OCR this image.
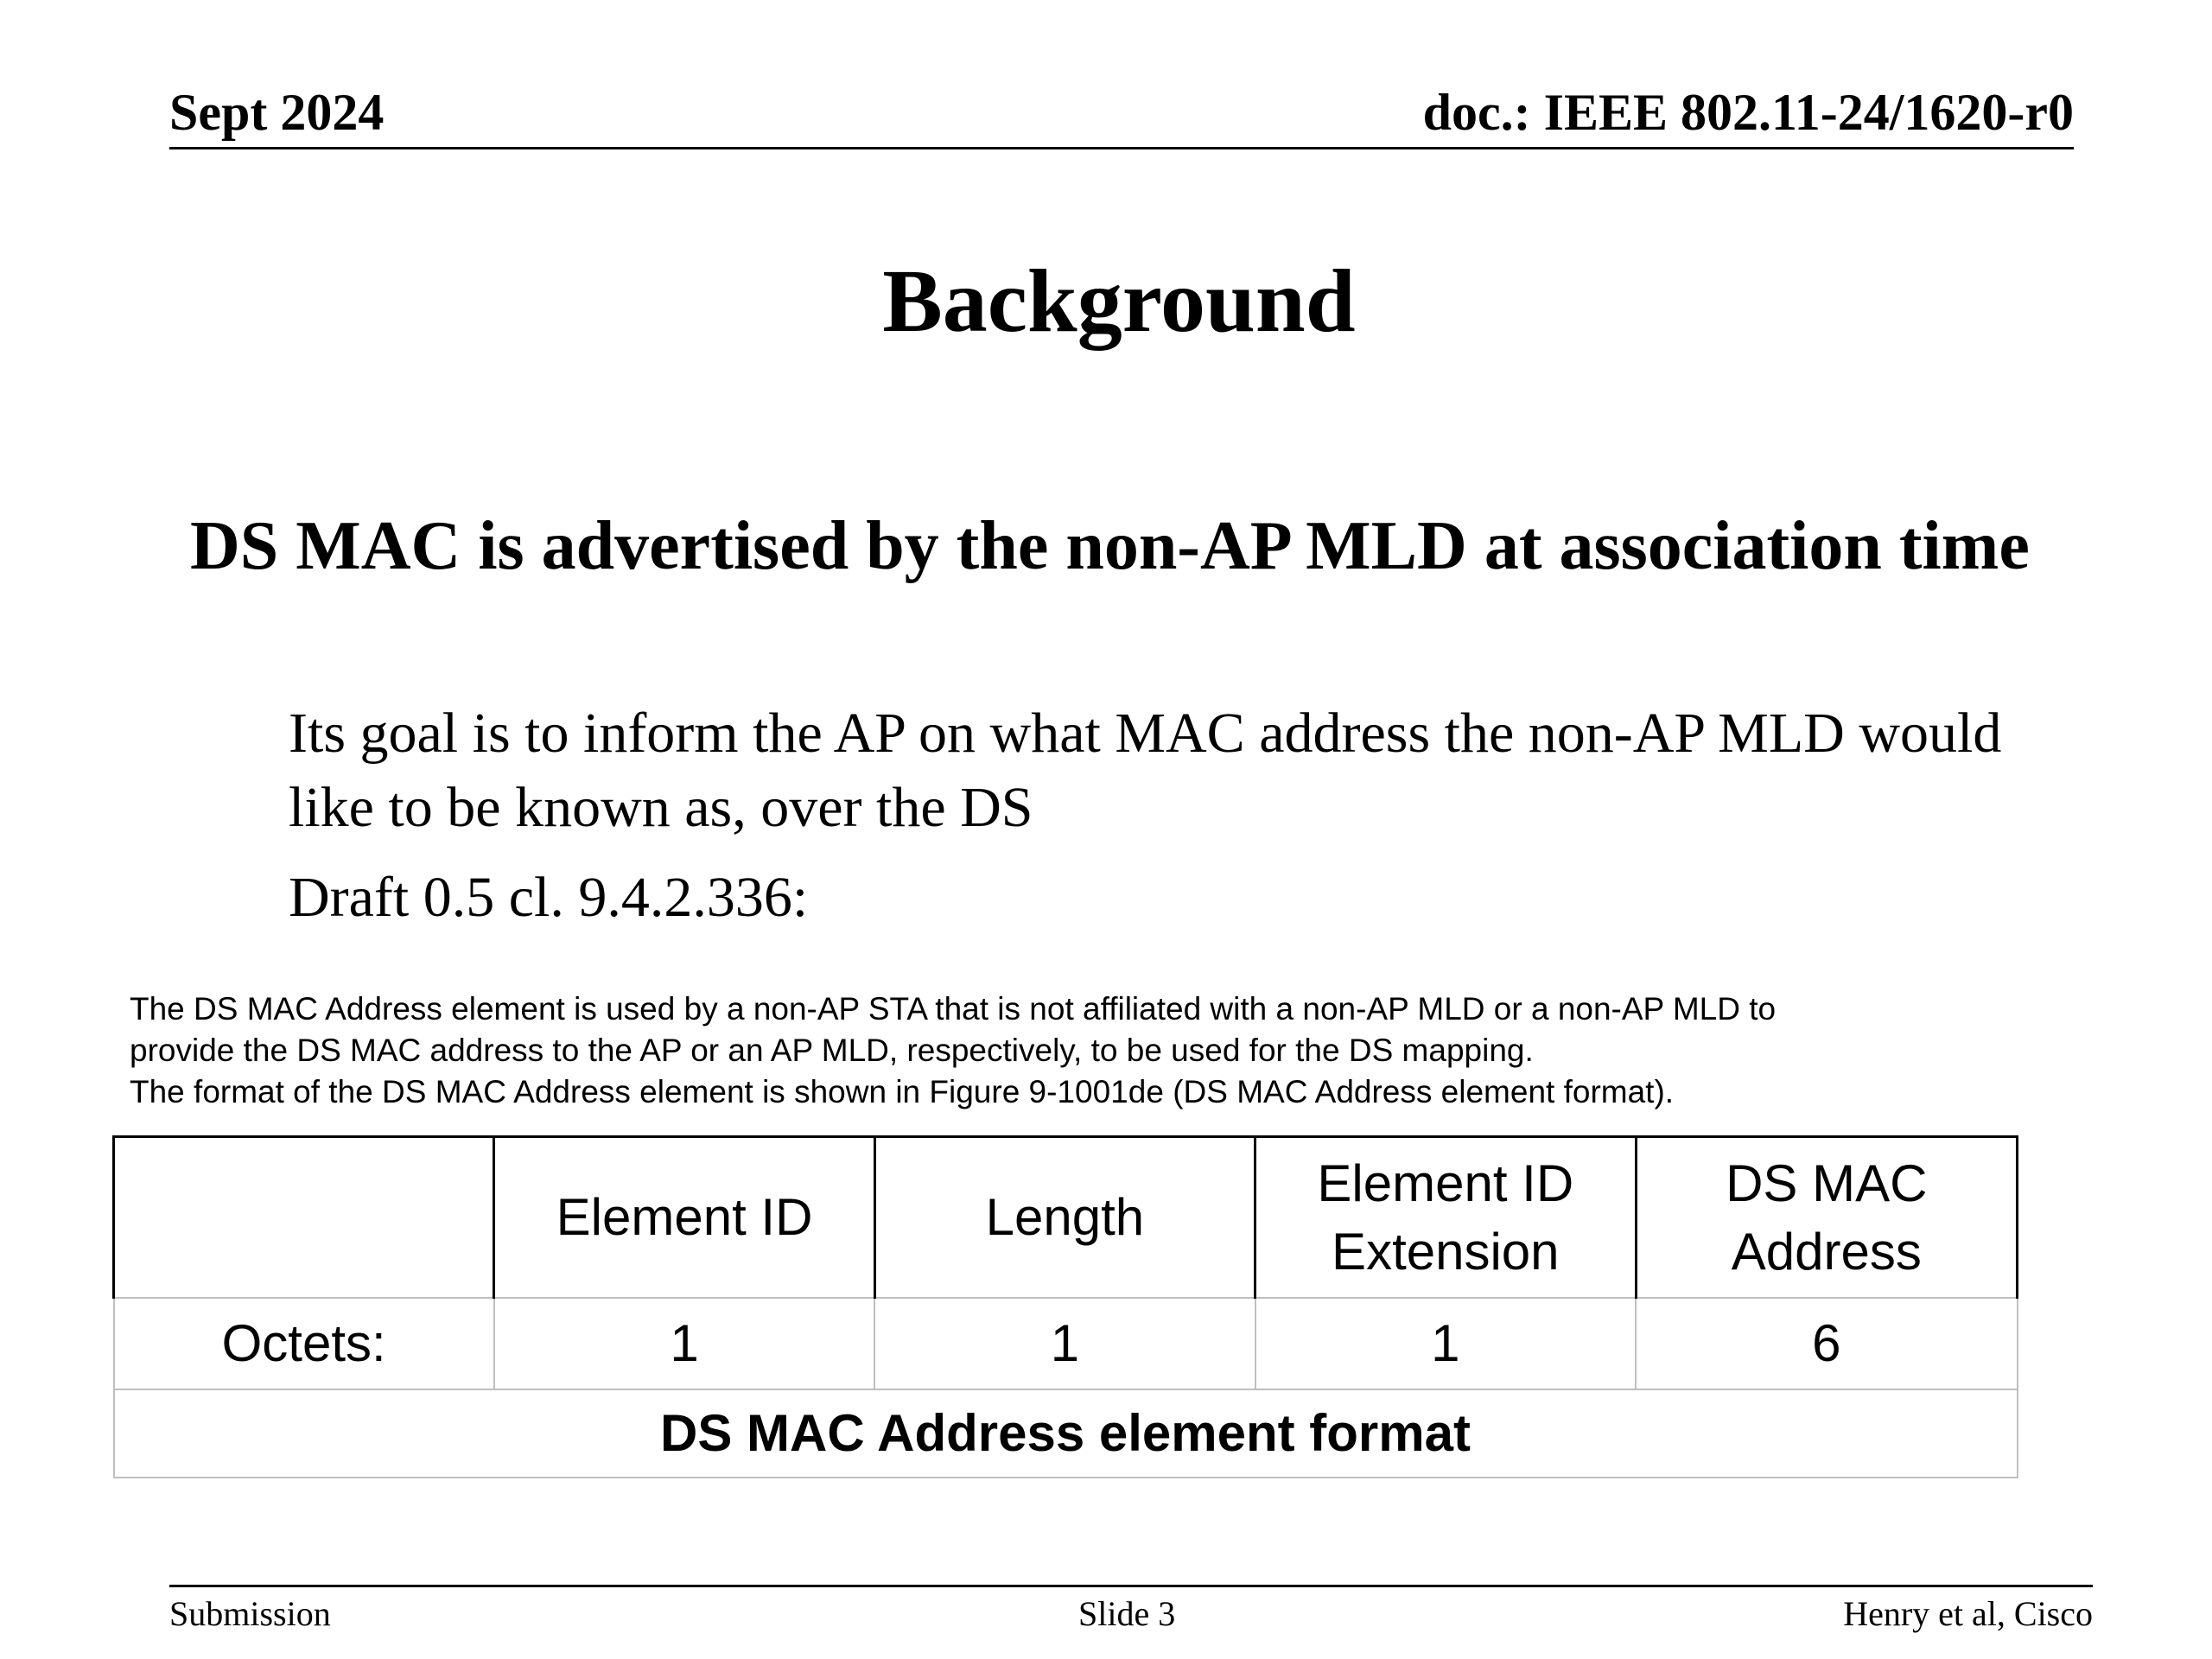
Sept 2024	doc.: IEEE 802.11-24/1620-r0
Background
DS MAC is advertised by the non-AP MLD at association time
Its goal is to inform the AP on what MAC address the non-AP MLD would like to be known as, over the DS
Draft 0.5 cl. 9.4.2.336:
The DS MAC Address element is used by a non-AP STA that is not affiliated with a non-AP MLD or a non-AP MLD to
provide the DS MAC address to the AP or an AP MLD, respectively, to be used for the DS mapping.
The format of the DS MAC Address element is shown in Figure 9-1001de (DS MAC Address element format).
	Element ID	Length	Element ID Extension	DS MAC Address
Octets:	1	1	1	6
DS MAC Address element format				
Submission	Slide 3	Henry et al, Cisco
